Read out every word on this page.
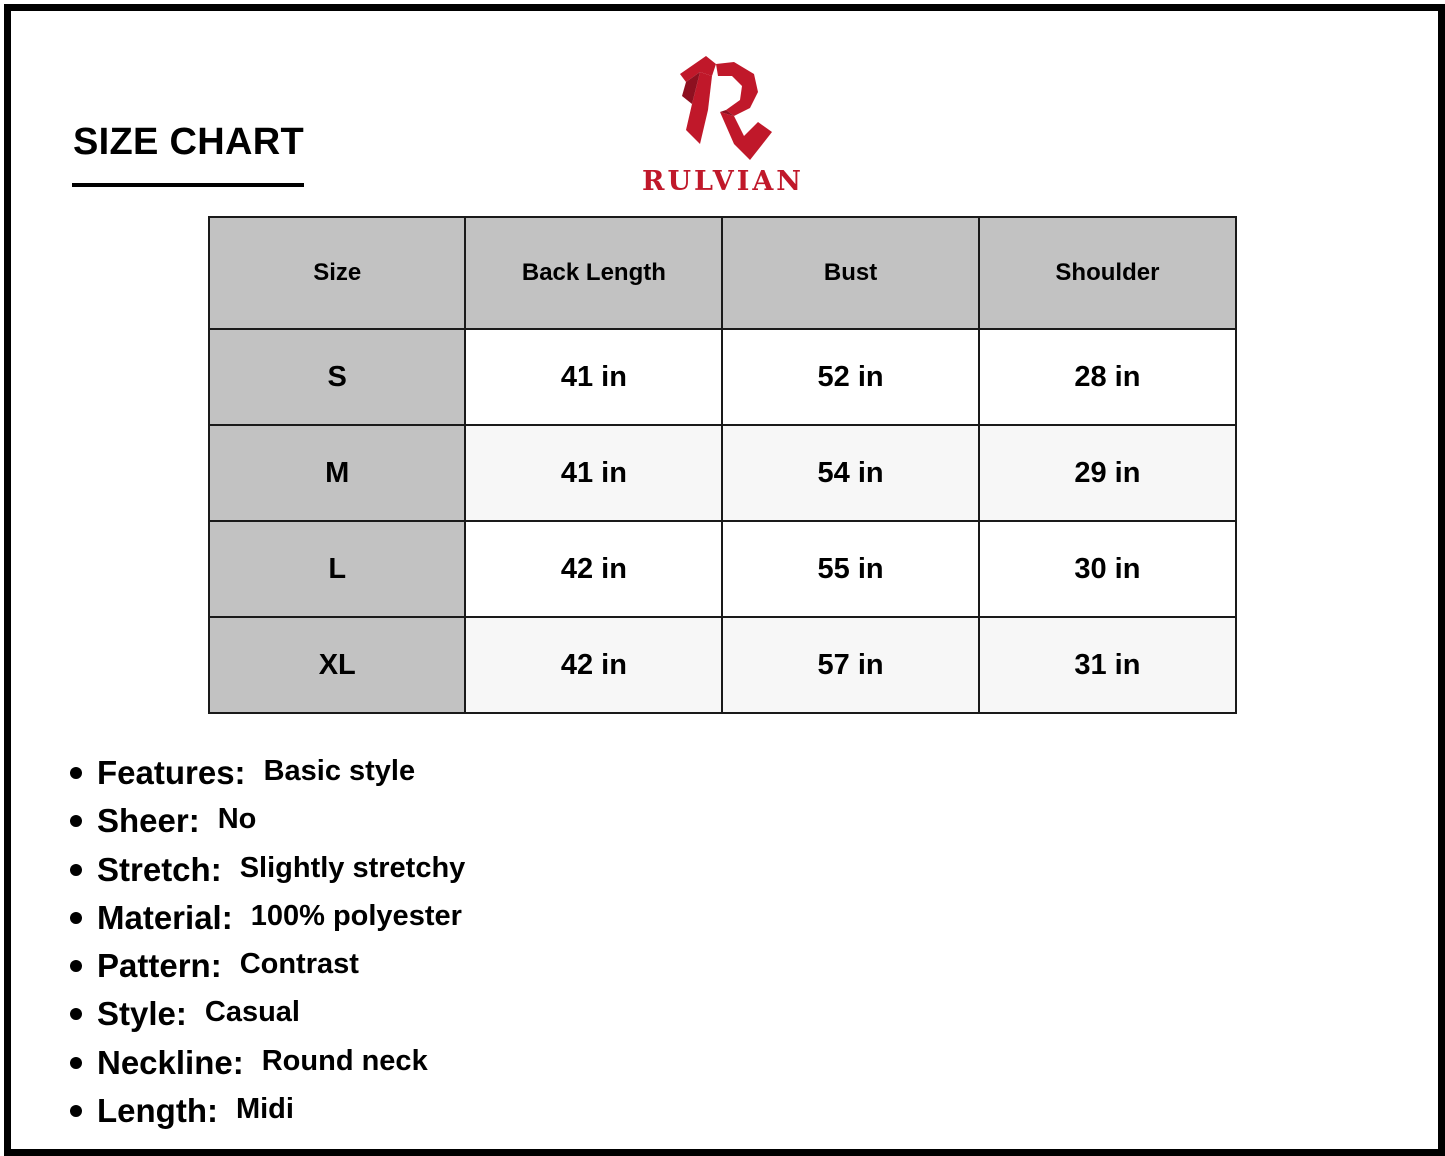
SIZE CHART
RULVIAN
Size	Back Length	Bust	Shoulder
S	41 in	52 in	28 in
M	41 in	54 in	29 in
L	42 in	55 in	30 in
XL	42 in	57 in	31 in
Features: Basic style
Sheer: No
Stretch: Slightly stretchy
Material: 100% polyester
Pattern: Contrast
Style: Casual
Neckline: Round neck
Length: Midi
